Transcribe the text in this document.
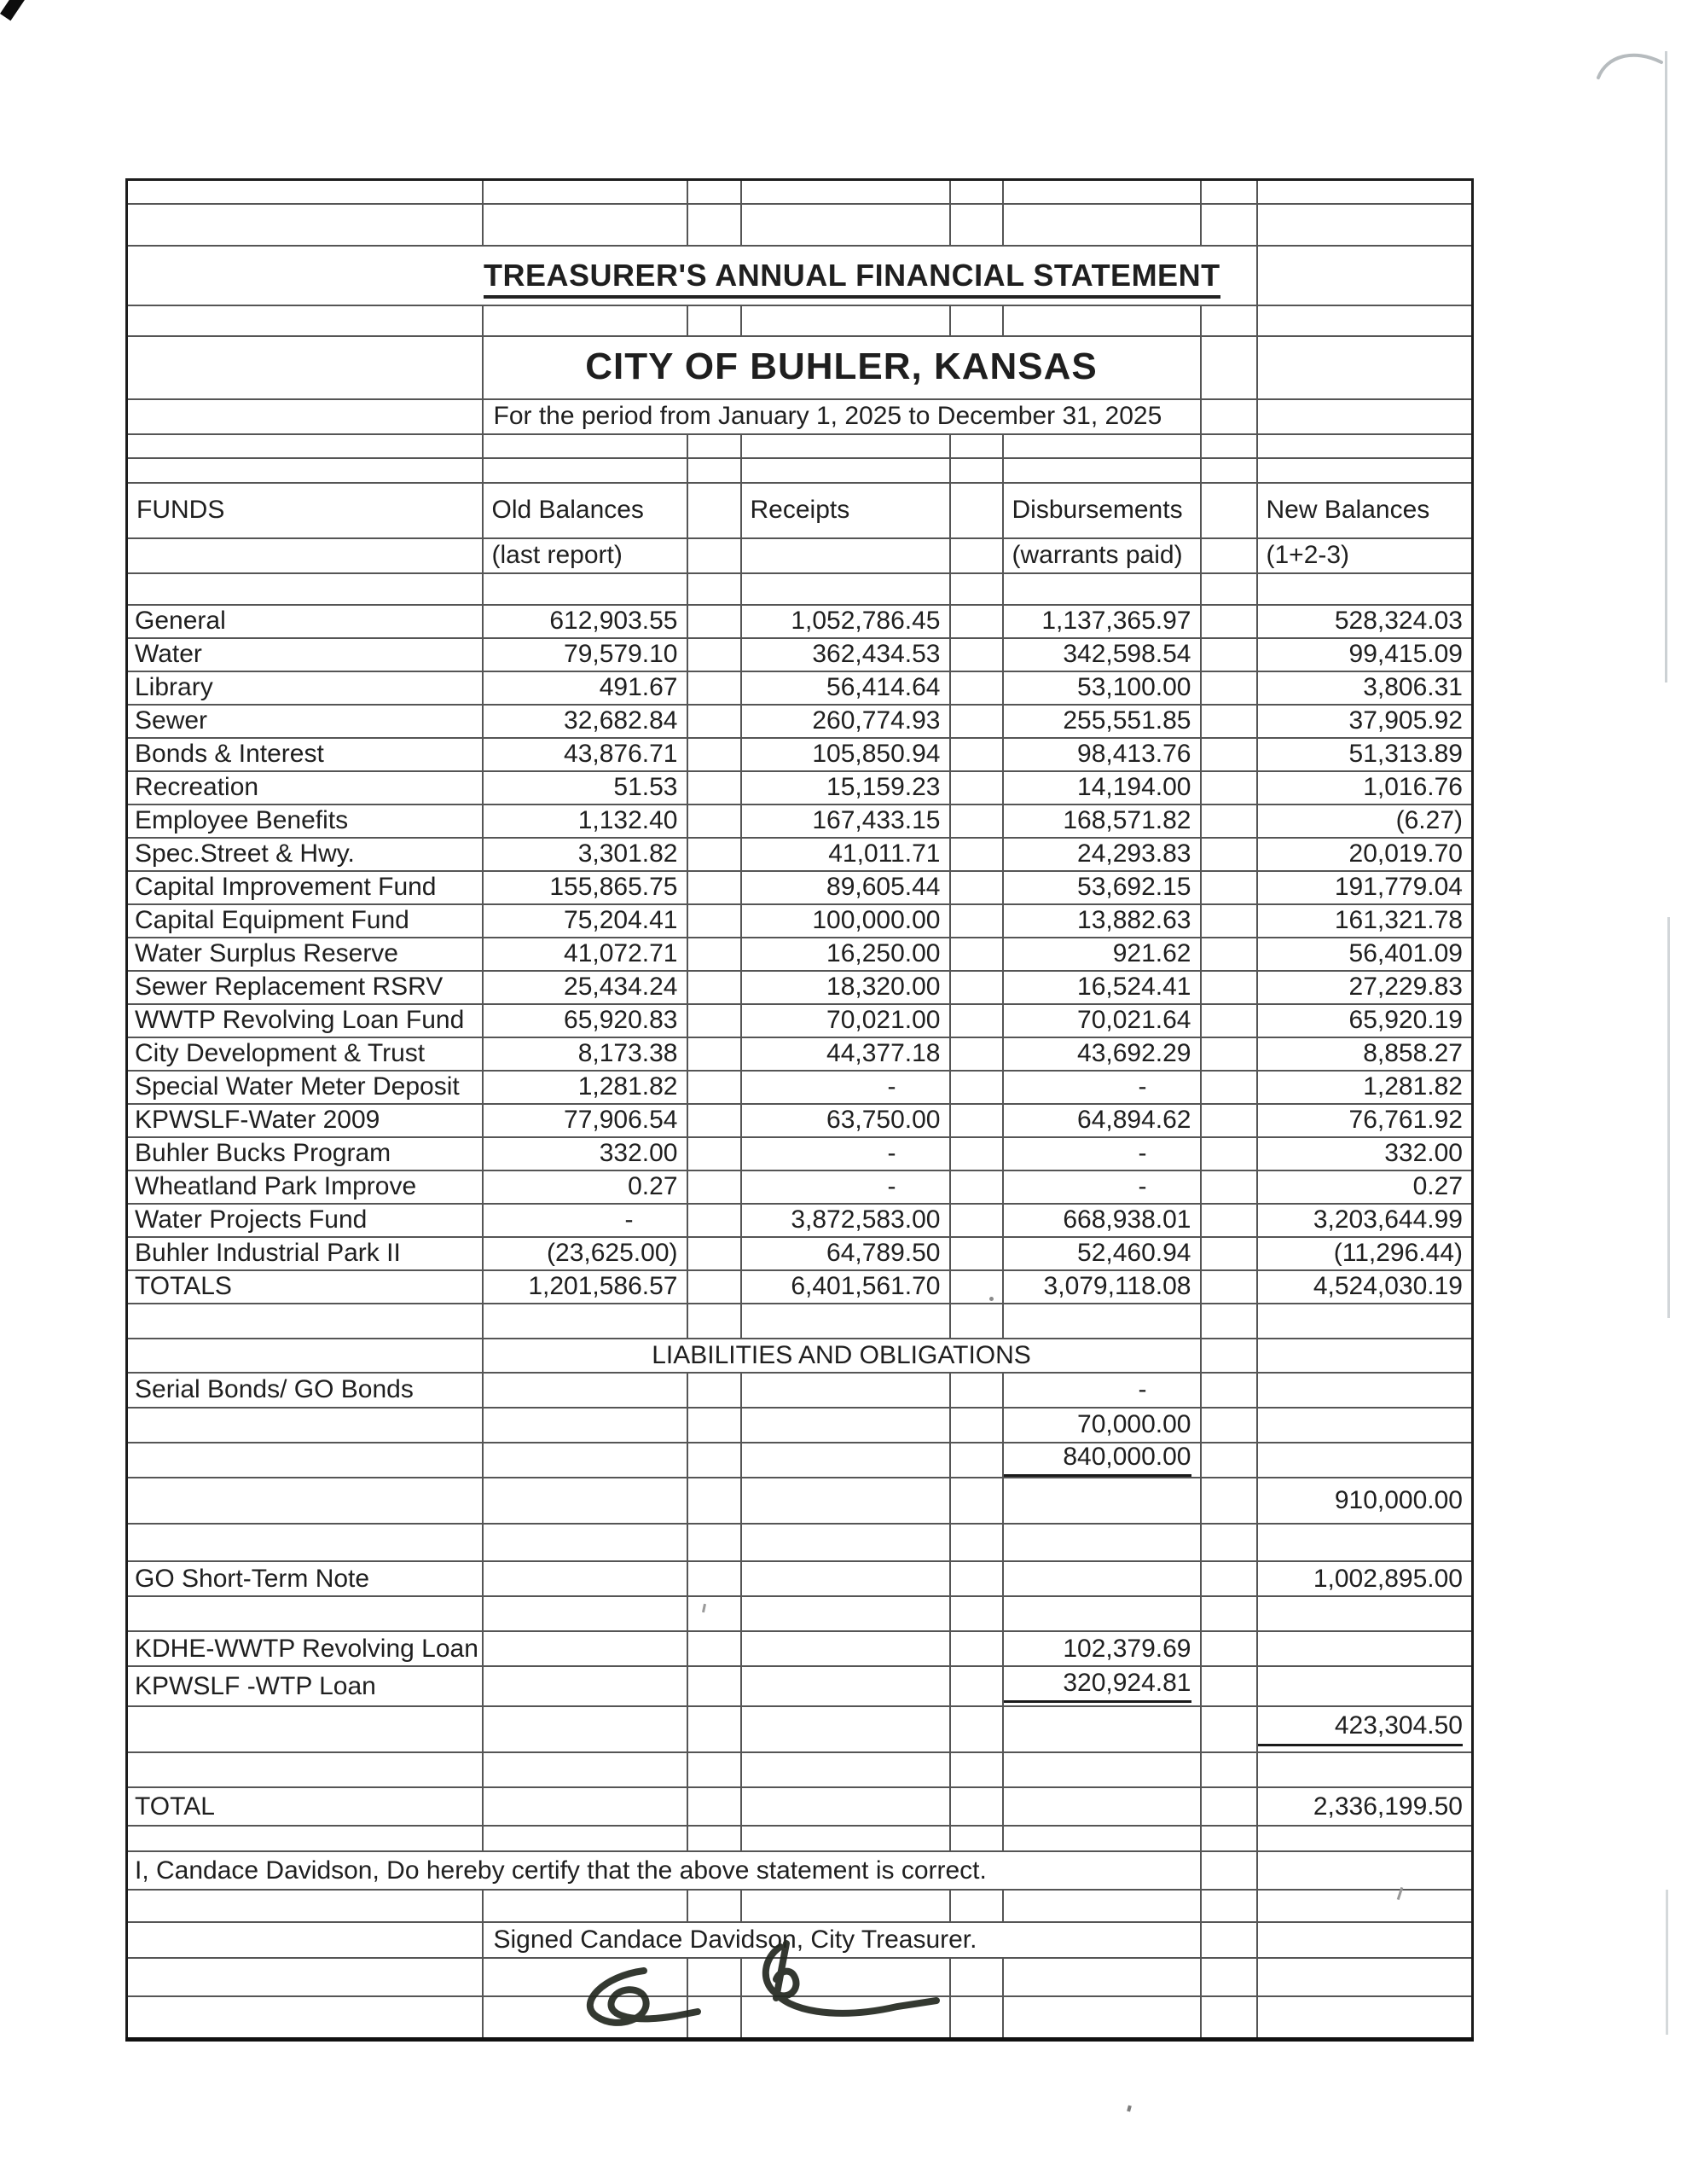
TREASURER'S ANNUAL FINANCIAL STATEMENT							

	CITY OF BUHLER, KANSAS						

	For the period from January 1, 2025 to December 31, 2025						

FUNDS	Old Balances		Receipts		Disbursements		New Balances
	(last report)				(warrants paid)		(1+2-3)

General	612,903.55		1,052,786.45		1,137,365.97		528,324.03
Water	79,579.10		362,434.53		342,598.54		99,415.09
Library	491.67		56,414.64		53,100.00		3,806.31
Sewer	32,682.84		260,774.93		255,551.85		37,905.92
Bonds & Interest	43,876.71		105,850.94		98,413.76		51,313.89
Recreation	51.53		15,159.23		14,194.00		1,016.76
Employee Benefits	1,132.40		167,433.15		168,571.82		(6.27)
Spec.Street & Hwy.	3,301.82		41,011.71		24,293.83		20,019.70
Capital Improvement Fund	155,865.75		89,605.44		53,692.15		191,779.04
Capital Equipment Fund	75,204.41		100,000.00		13,882.63		161,321.78
Water Surplus Reserve	41,072.71		16,250.00		921.62		56,401.09
Sewer Replacement RSRV	25,434.24		18,320.00		16,524.41		27,229.83
WWTP Revolving Loan Fund	65,920.83		70,021.00		70,021.64		65,920.19
City Development & Trust	8,173.38		44,377.18		43,692.29		8,858.27
Special Water Meter Deposit	1,281.82		-		-		1,281.82
KPWSLF-Water 2009	77,906.54		63,750.00		64,894.62		76,761.92
Buhler Bucks Program	332.00		-		-		332.00
Wheatland Park Improve	0.27		-		-		0.27
Water Projects Fund	-		3,872,583.00		668,938.01		3,203,644.99
Buhler Industrial Park II	(23,625.00)		64,789.50		52,460.94		(11,296.44)
TOTALS	1,201,586.57		6,401,561.70		3,079,118.08		4,524,030.19

	LIABILITIES AND OBLIGATIONS						
Serial Bonds/ GO Bonds					-		
					70,000.00		

					840,000.00		

							910,000.00

GO Short-Term Note							1,002,895.00

KDHE-WWTP Revolving Loan					102,379.69		
KPWSLF -WTP Loan					320,924.81		

							423,304.50

TOTAL							2,336,199.50

I, Candace Davidson, Do hereby certify that the above statement is correct.							

	Signed Candace Davidson, City Treasurer.						
